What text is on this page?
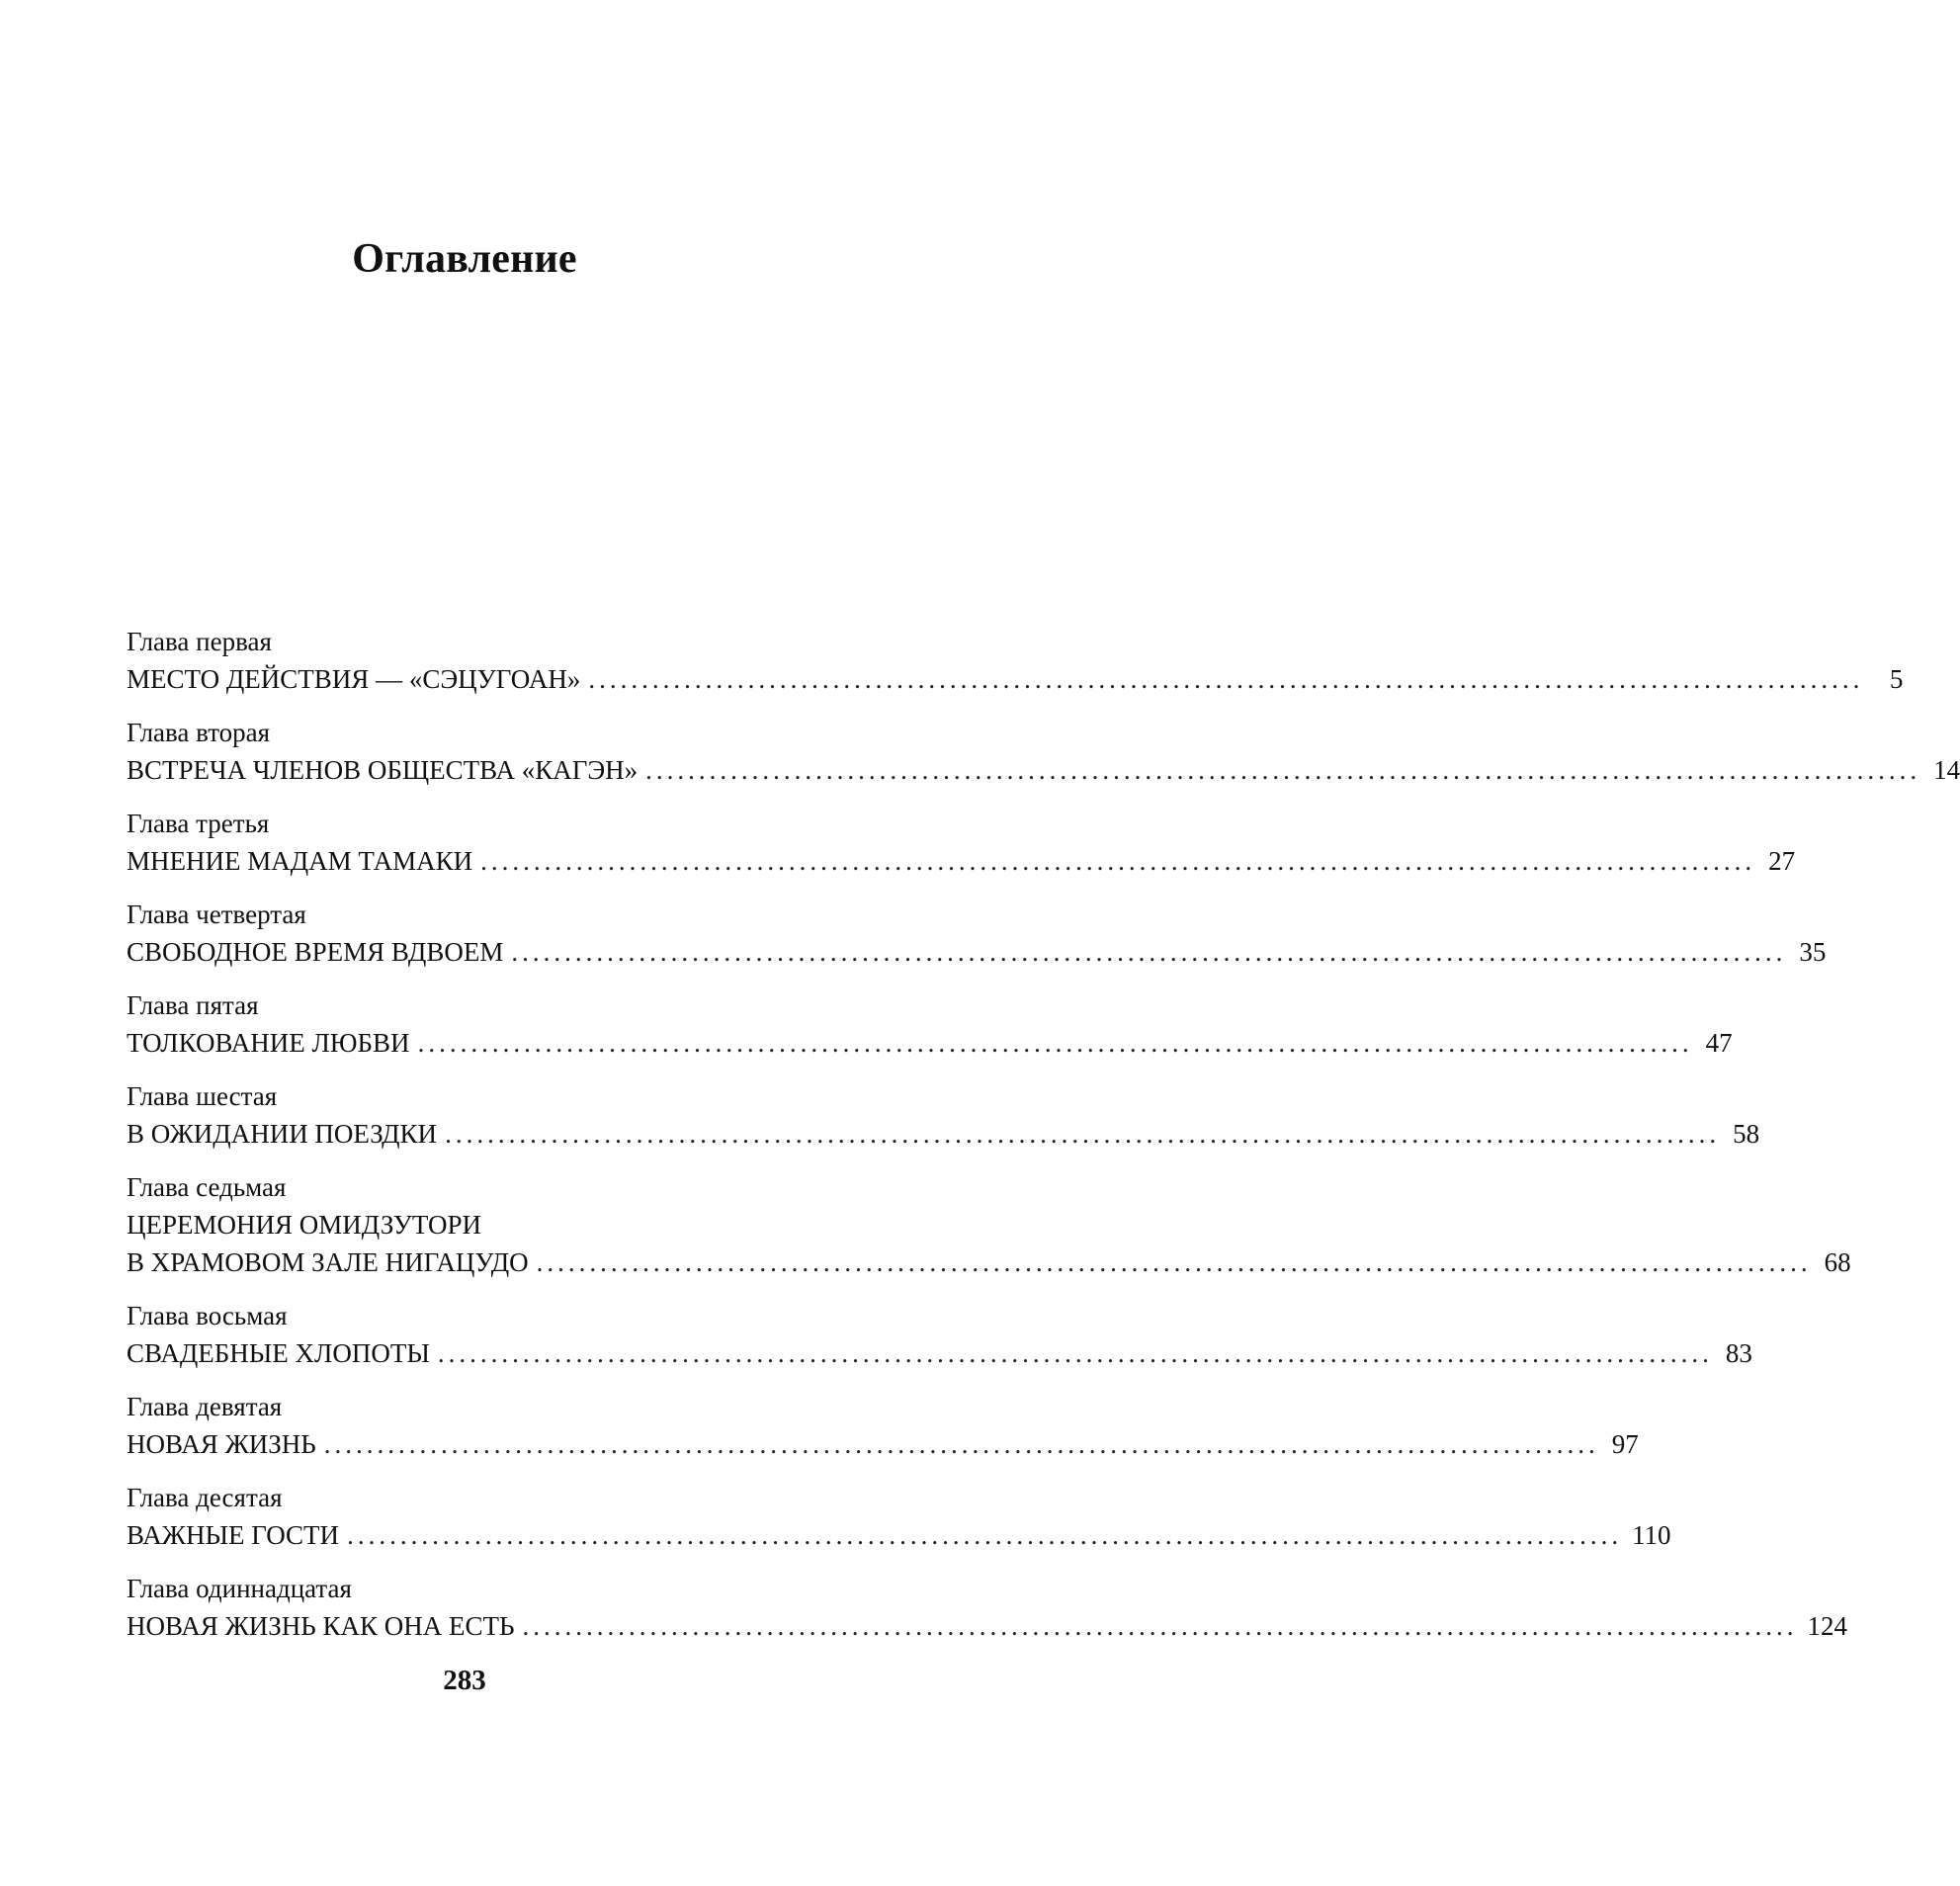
Оглавление
Глава первая
МЕСТО ДЕЙСТВИЯ — «СЭЦУГОАН» ........................................................................................................................ 5
Глава вторая
ВСТРЕЧА ЧЛЕНОВ ОБЩЕСТВА «КАГЭН» ........................................................................................................................ 14
Глава третья
МНЕНИЕ МАДАМ ТАМАКИ ........................................................................................................................ 27
Глава четвертая
СВОБОДНОЕ ВРЕМЯ ВДВОЕМ ........................................................................................................................ 35
Глава пятая
ТОЛКОВАНИЕ ЛЮБВИ ........................................................................................................................ 47
Глава шестая
В ОЖИДАНИИ ПОЕЗДКИ ........................................................................................................................ 58
Глава седьмая
ЦЕРЕМОНИЯ ОМИДЗУТОРИ
В ХРАМОВОМ ЗАЛЕ НИГАЦУДО ........................................................................................................................ 68
Глава восьмая
СВАДЕБНЫЕ ХЛОПОТЫ ........................................................................................................................ 83
Глава девятая
НОВАЯ ЖИЗНЬ ........................................................................................................................ 97
Глава десятая
ВАЖНЫЕ ГОСТИ ........................................................................................................................ 110
Глава одиннадцатая
НОВАЯ ЖИЗНЬ КАК ОНА ЕСТЬ ........................................................................................................................ 124
283
